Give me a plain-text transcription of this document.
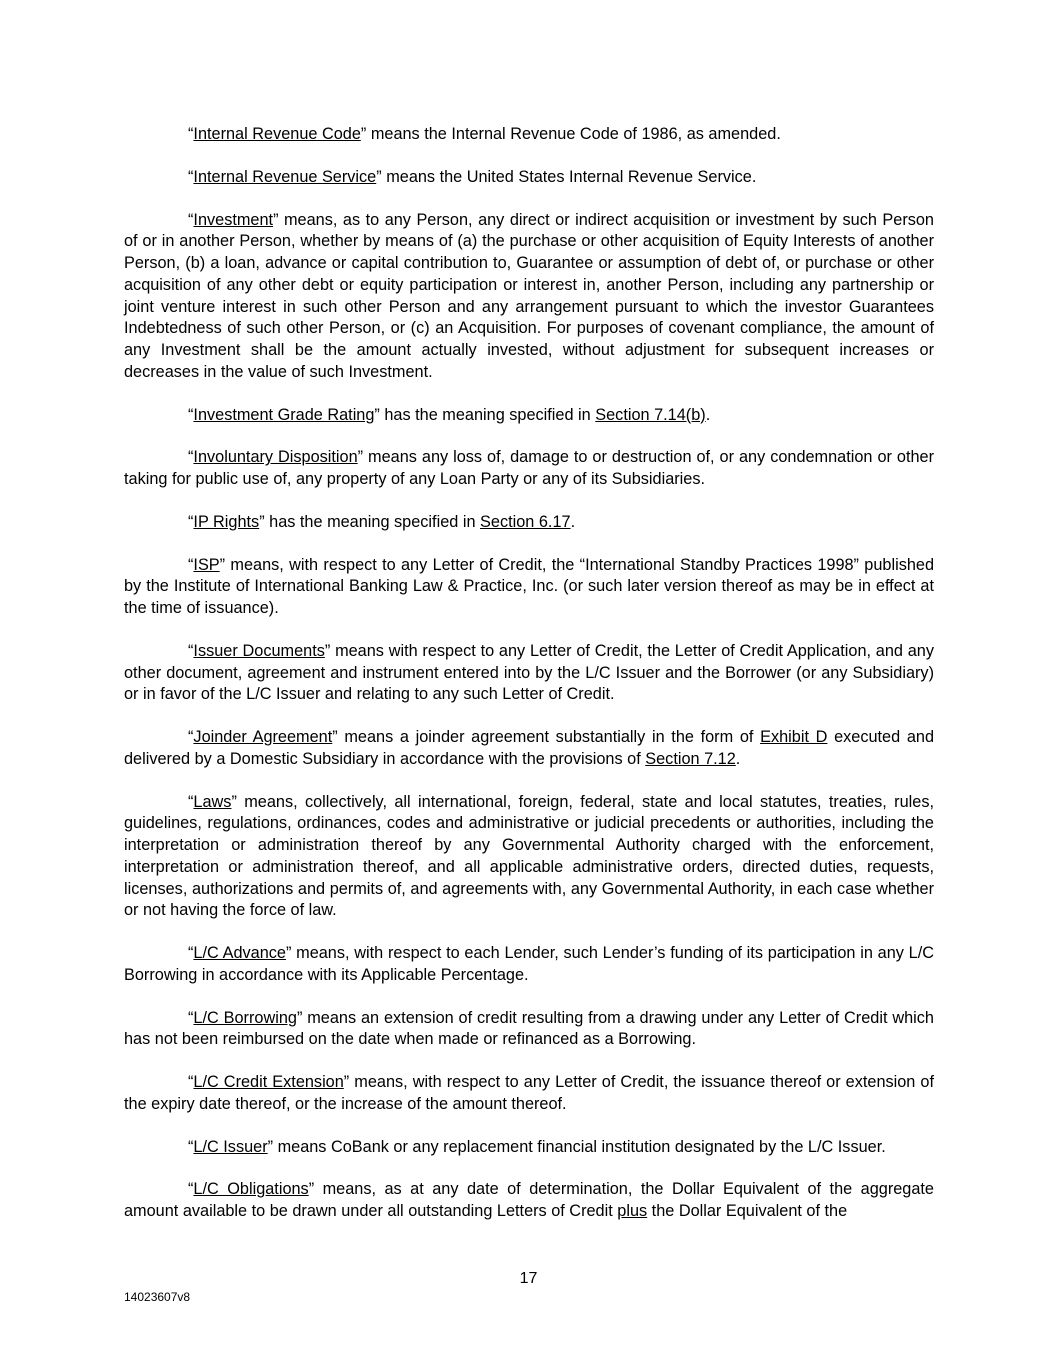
“Internal Revenue Code” means the Internal Revenue Code of 1986, as amended.

“Internal Revenue Service” means the United States Internal Revenue Service.

“Investment” means, as to any Person, any direct or indirect acquisition or investment by such Person of or in another Person, whether by means of (a) the purchase or other acquisition of Equity Interests of another Person, (b) a loan, advance or capital contribution to, Guarantee or assumption of debt of, or purchase or other acquisition of any other debt or equity participation or interest in, another Person, including any partnership or joint venture interest in such other Person and any arrangement pursuant to which the investor Guarantees Indebtedness of such other Person, or (c) an Acquisition. For purposes of covenant compliance, the amount of any Investment shall be the amount actually invested, without adjustment for subsequent increases or decreases in the value of such Investment.

“Investment Grade Rating” has the meaning specified in Section 7.14(b).

“Involuntary Disposition” means any loss of, damage to or destruction of, or any condemnation or other taking for public use of, any property of any Loan Party or any of its Subsidiaries.

“IP Rights” has the meaning specified in Section 6.17.

“ISP” means, with respect to any Letter of Credit, the “International Standby Practices 1998” published by the Institute of International Banking Law & Practice, Inc. (or such later version thereof as may be in effect at the time of issuance).

“Issuer Documents” means with respect to any Letter of Credit, the Letter of Credit Application, and any other document, agreement and instrument entered into by the L/C Issuer and the Borrower (or any Subsidiary) or in favor of the L/C Issuer and relating to any such Letter of Credit.

“Joinder Agreement” means a joinder agreement substantially in the form of Exhibit D executed and delivered by a Domestic Subsidiary in accordance with the provisions of Section 7.12.

“Laws” means, collectively, all international, foreign, federal, state and local statutes, treaties, rules, guidelines, regulations, ordinances, codes and administrative or judicial precedents or authorities, including the interpretation or administration thereof by any Governmental Authority charged with the enforcement, interpretation or administration thereof, and all applicable administrative orders, directed duties, requests, licenses, authorizations and permits of, and agreements with, any Governmental Authority, in each case whether or not having the force of law.

“L/C Advance” means, with respect to each Lender, such Lender’s funding of its participation in any L/C Borrowing in accordance with its Applicable Percentage.

“L/C Borrowing” means an extension of credit resulting from a drawing under any Letter of Credit which has not been reimbursed on the date when made or refinanced as a Borrowing.

“L/C Credit Extension” means, with respect to any Letter of Credit, the issuance thereof or extension of the expiry date thereof, or the increase of the amount thereof.

“L/C Issuer” means CoBank or any replacement financial institution designated by the L/C Issuer.

“L/C Obligations” means, as at any date of determination, the Dollar Equivalent of the aggregate amount available to be drawn under all outstanding Letters of Credit plus the Dollar Equivalent of the

17
14023607v8
